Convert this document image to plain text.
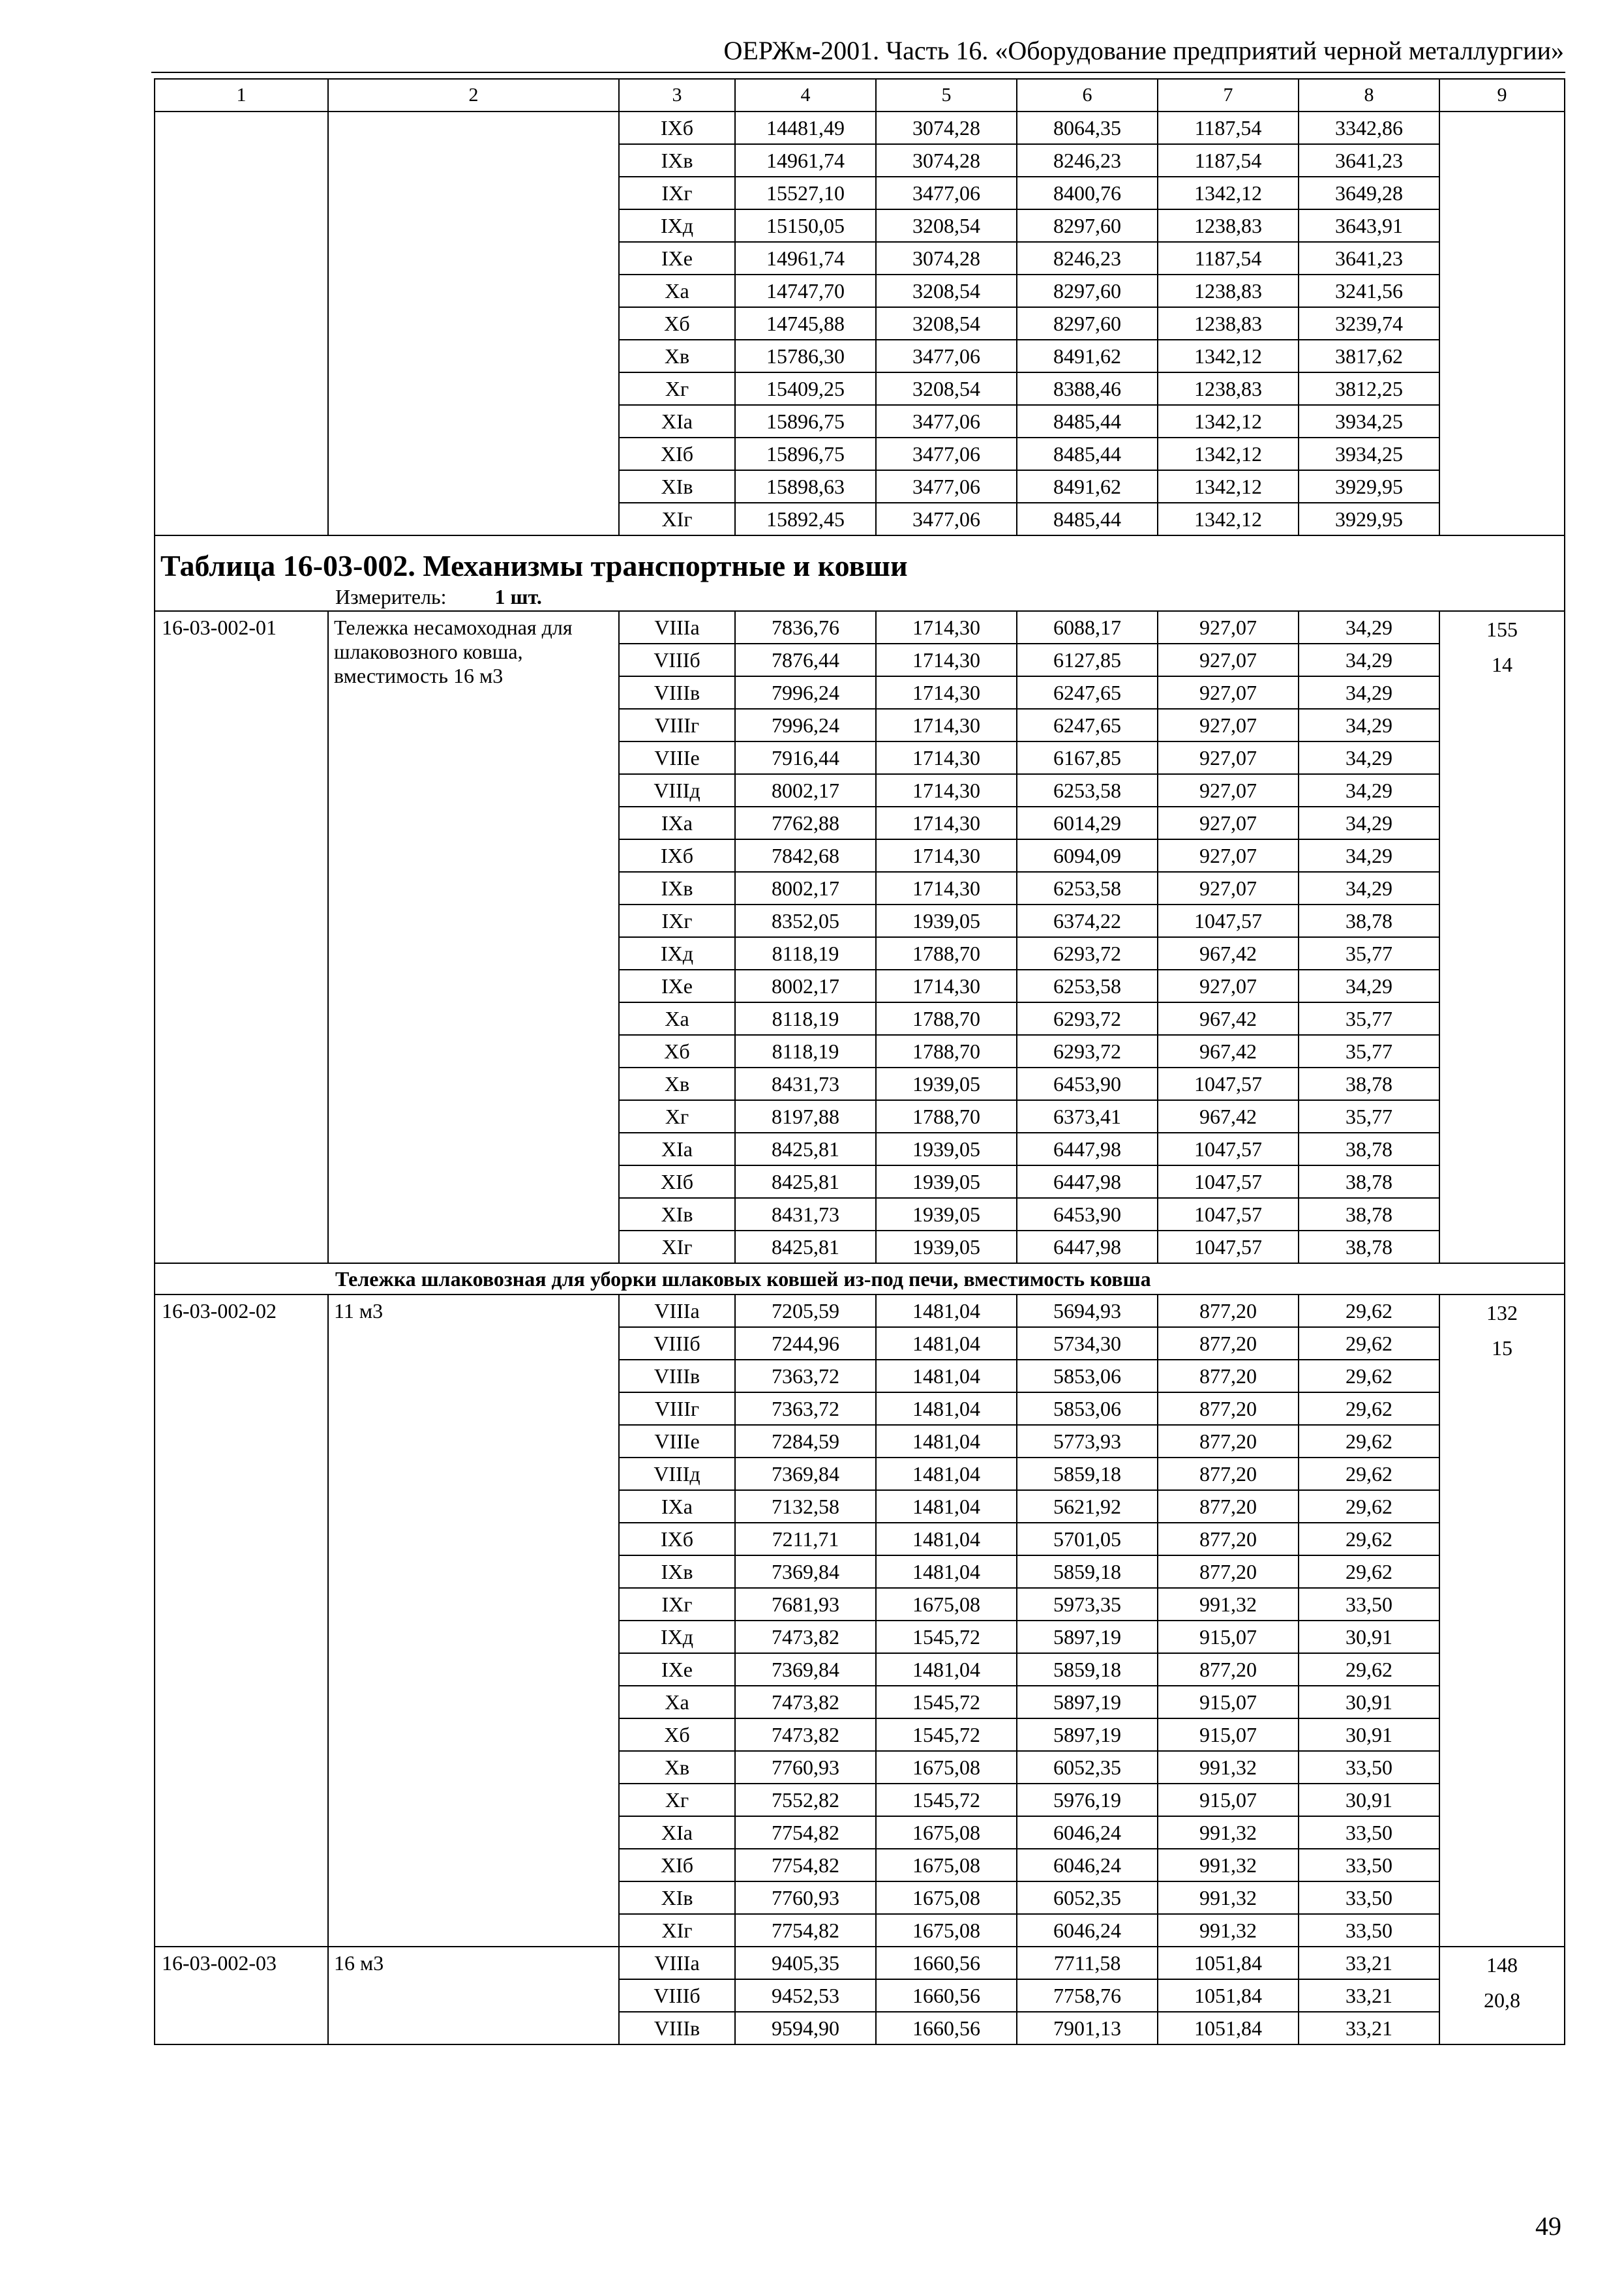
ОЕРЖм-2001. Часть 16. «Оборудование предприятий черной металлургии»
1	2	3	4	5	6	7	8	9
		IXб	14481,49	3074,28	8064,35	1187,54	3342,86	
		IXв	14961,74	3074,28	8246,23	1187,54	3641,23	
		IXг	15527,10	3477,06	8400,76	1342,12	3649,28	
		IXд	15150,05	3208,54	8297,60	1238,83	3643,91	
		IXе	14961,74	3074,28	8246,23	1187,54	3641,23	
		Xа	14747,70	3208,54	8297,60	1238,83	3241,56	
		Xб	14745,88	3208,54	8297,60	1238,83	3239,74	
		Xв	15786,30	3477,06	8491,62	1342,12	3817,62	
		Xг	15409,25	3208,54	8388,46	1238,83	3812,25	
		XIа	15896,75	3477,06	8485,44	1342,12	3934,25	
		XIб	15896,75	3477,06	8485,44	1342,12	3934,25	
		XIв	15898,63	3477,06	8491,62	1342,12	3929,95	
		XIг	15892,45	3477,06	8485,44	1342,12	3929,95	
Таблица 16-03-002. Механизмы транспортные и ковши								
Измеритель: 1 шт.								
16-03-002-01	Тележка несамоходная для шлаковозного ковша, вместимость 16 м3	VIIIа	7836,76	1714,30	6088,17	927,07	34,29	155
14

		VIIIб	7876,44	1714,30	6127,85	927,07	34,29	
		VIIIв	7996,24	1714,30	6247,65	927,07	34,29	
		VIIIг	7996,24	1714,30	6247,65	927,07	34,29	
		VIIIе	7916,44	1714,30	6167,85	927,07	34,29	
		VIIIд	8002,17	1714,30	6253,58	927,07	34,29	
		IXа	7762,88	1714,30	6014,29	927,07	34,29	
		IXб	7842,68	1714,30	6094,09	927,07	34,29	
		IXв	8002,17	1714,30	6253,58	927,07	34,29	
		IXг	8352,05	1939,05	6374,22	1047,57	38,78	
		IXд	8118,19	1788,70	6293,72	967,42	35,77	
		IXе	8002,17	1714,30	6253,58	927,07	34,29	
		Xа	8118,19	1788,70	6293,72	967,42	35,77	
		Xб	8118,19	1788,70	6293,72	967,42	35,77	
		Xв	8431,73	1939,05	6453,90	1047,57	38,78	
		Xг	8197,88	1788,70	6373,41	967,42	35,77	
		XIа	8425,81	1939,05	6447,98	1047,57	38,78	
		XIб	8425,81	1939,05	6447,98	1047,57	38,78	
		XIв	8431,73	1939,05	6453,90	1047,57	38,78	
		XIг	8425,81	1939,05	6447,98	1047,57	38,78	
Тележка шлаковозная для уборки шлаковых ковшей из-под печи, вместимость ковша								
16-03-002-02	11 м3	VIIIа	7205,59	1481,04	5694,93	877,20	29,62	132
15

		VIIIб	7244,96	1481,04	5734,30	877,20	29,62	
		VIIIв	7363,72	1481,04	5853,06	877,20	29,62	
		VIIIг	7363,72	1481,04	5853,06	877,20	29,62	
		VIIIе	7284,59	1481,04	5773,93	877,20	29,62	
		VIIIд	7369,84	1481,04	5859,18	877,20	29,62	
		IXа	7132,58	1481,04	5621,92	877,20	29,62	
		IXб	7211,71	1481,04	5701,05	877,20	29,62	
		IXв	7369,84	1481,04	5859,18	877,20	29,62	
		IXг	7681,93	1675,08	5973,35	991,32	33,50	
		IXд	7473,82	1545,72	5897,19	915,07	30,91	
		IXе	7369,84	1481,04	5859,18	877,20	29,62	
		Xа	7473,82	1545,72	5897,19	915,07	30,91	
		Xб	7473,82	1545,72	5897,19	915,07	30,91	
		Xв	7760,93	1675,08	6052,35	991,32	33,50	
		Xг	7552,82	1545,72	5976,19	915,07	30,91	
		XIа	7754,82	1675,08	6046,24	991,32	33,50	
		XIб	7754,82	1675,08	6046,24	991,32	33,50	
		XIв	7760,93	1675,08	6052,35	991,32	33,50	
		XIг	7754,82	1675,08	6046,24	991,32	33,50	
16-03-002-03	16 м3	VIIIа	9405,35	1660,56	7711,58	1051,84	33,21	148
20,8

		VIIIб	9452,53	1660,56	7758,76	1051,84	33,21	
		VIIIв	9594,90	1660,56	7901,13	1051,84	33,21	
49
